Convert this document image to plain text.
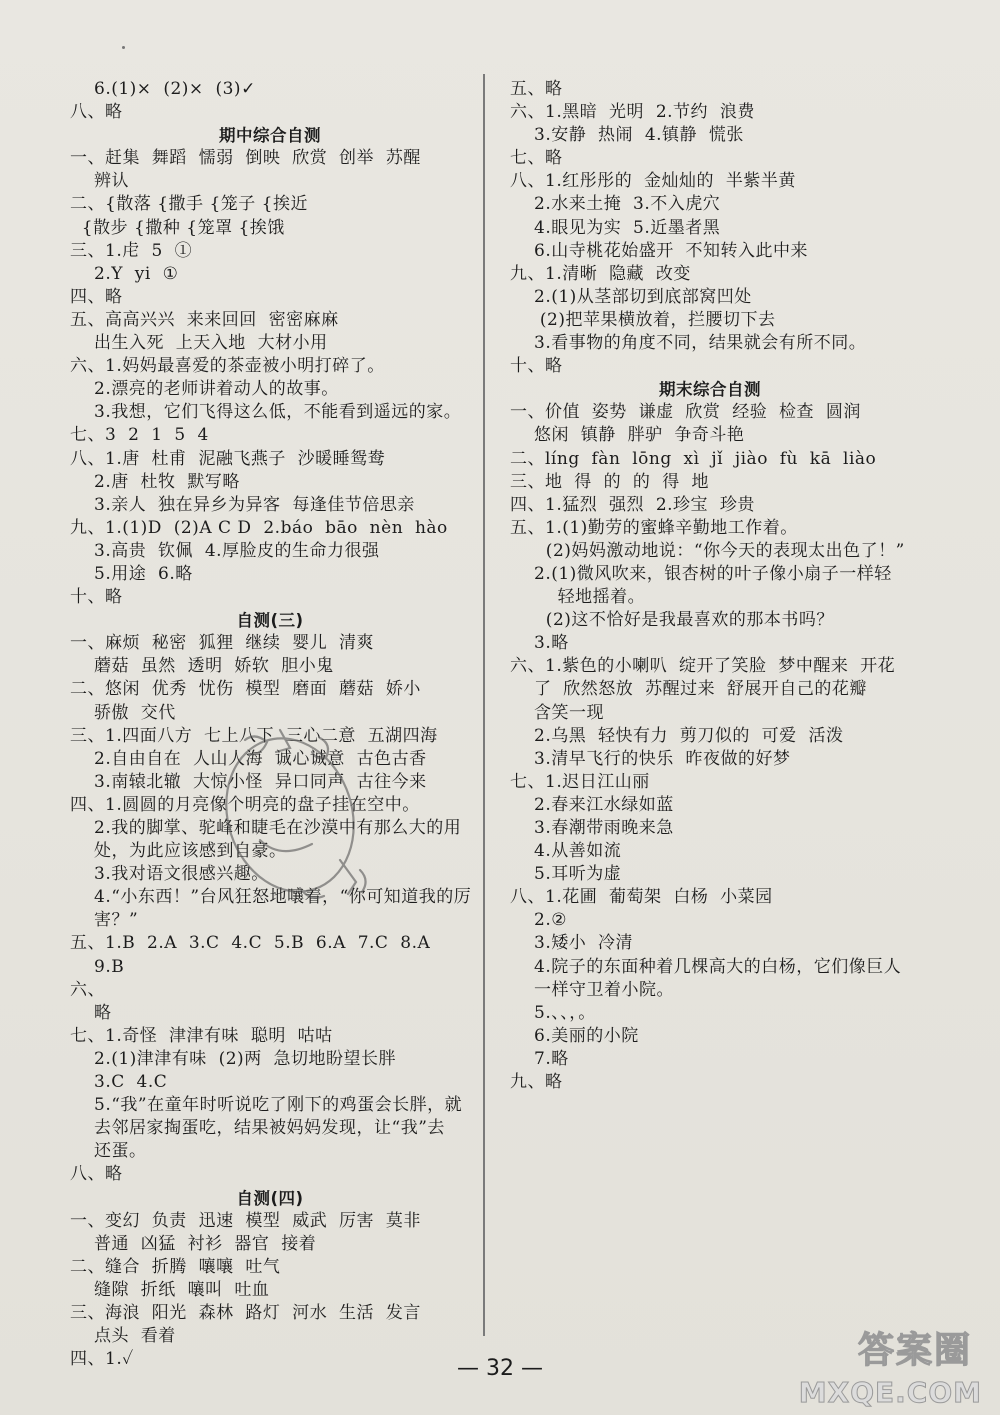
6.(1)×  (2)×  (3)✓
八、略
期中综合自测
一、赶集  舞蹈  懦弱  倒映  欣赏  创举  苏醒
辨认
二、{散落 {撒手 {笼子 {挨近
{散步 {撒种 {笼罩 {挨饿
三、1.虍  5  ①
2.Y  yi  ①
四、略
五、高高兴兴  来来回回  密密麻麻
出生入死  上天入地  大材小用
六、1.妈妈最喜爱的茶壶被小明打碎了。
2.漂亮的老师讲着动人的故事。
3.我想，它们飞得这么低，不能看到遥远的家。
七、3  2  1  5  4
八、1.唐  杜甫  泥融飞燕子  沙暖睡鸳鸯
2.唐  杜牧  默写略
3.亲人  独在异乡为异客  每逢佳节倍思亲
九、1.(1)D  (2)A C D  2.báo  bāo  nèn  hào
3.高贵  钦佩  4.厚脸皮的生命力很强
5.用途  6.略
十、略
自测(三)
一、麻烦  秘密  狐狸  继续  婴儿  清爽
蘑菇  虽然  透明  娇软  胆小鬼
二、悠闲  优秀  忧伤  模型  磨面  蘑菇  娇小
骄傲  交代
三、1.四面八方  七上八下  三心二意  五湖四海
2.自由自在  人山人海  诚心诚意  古色古香
3.南辕北辙  大惊小怪  异口同声  古往今来
四、1.圆圆的月亮像个明亮的盘子挂在空中。
2.我的脚掌、驼峰和睫毛在沙漠中有那么大的用
处，为此应该感到自豪。
3.我对语文很感兴趣。
4.“小东西！”台风狂怒地嚷着，“你可知道我的厉
害？”
五、1.B  2.A  3.C  4.C  5.B  6.A  7.C  8.A
9.B
六、
略
七、1.奇怪  津津有味  聪明  咕咕
2.(1)津津有味  (2)两  急切地盼望长胖
3.C  4.C
5.“我”在童年时听说吃了刚下的鸡蛋会长胖，就
去邻居家掏蛋吃，结果被妈妈发现，让“我”去
还蛋。
八、略
自测(四)
一、变幻  负责  迅速  模型  威武  厉害  莫非
普通  凶猛  衬衫  器官  接着
二、缝合  折腾  嚷嚷  吐气
缝隙  折纸  嚷叫  吐血
三、海浪  阳光  森林  路灯  河水  生活  发言
点头  看着
四、1.✓
五、略
六、1.黑暗  光明  2.节约  浪费
3.安静  热闹  4.镇静  慌张
七、略
八、1.红彤彤的  金灿灿的  半紫半黄
2.水来土掩  3.不入虎穴
4.眼见为实  5.近墨者黑
6.山寺桃花始盛开  不知转入此中来
九、1.清晰  隐藏  改变
2.(1)从茎部切到底部窝凹处
(2)把苹果横放着，拦腰切下去
3.看事物的角度不同，结果就会有所不同。
十、略
期末综合自测
一、价值  姿势  谦虚  欣赏  经验  检查  圆润
悠闲  镇静  胖驴  争奇斗艳
二、líng  fàn  lōng  xì  jǐ  jiào  fù  kā  liào
三、地  得  的  的  得  地
四、1.猛烈  强烈  2.珍宝  珍贵
五、1.(1)勤劳的蜜蜂辛勤地工作着。
(2)妈妈激动地说：“你今天的表现太出色了！”
2.(1)微风吹来，银杏树的叶子像小扇子一样轻
轻地摇着。
(2)这不恰好是我最喜欢的那本书吗？
3.略
六、1.紫色的小喇叭  绽开了笑脸  梦中醒来  开花
了  欣然怒放  苏醒过来  舒展开自己的花瓣
含笑一现
2.乌黑  轻快有力  剪刀似的  可爱  活泼
3.清早飞行的快乐  昨夜做的好梦
七、1.迟日江山丽
2.春来江水绿如蓝
3.春潮带雨晚来急
4.从善如流
5.耳听为虚
八、1.花圃  葡萄架  白杨  小菜园
2.②
3.矮小  冷清
4.院子的东面种着几棵高大的白杨，它们像巨人
一样守卫着小院。
5.、、，。
6.美丽的小院
7.略
九、略
— 32 —	答案圈
MXQE.COM
